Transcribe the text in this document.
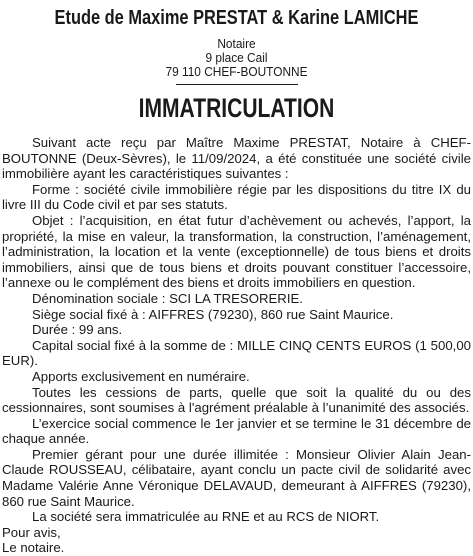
Etude de Maxime PRESTAT & Karine LAMICHE
Notaire
9 place Cail
79 110 CHEF-BOUTONNE
IMMATRICULATION

Suivant acte reçu par Maître Maxime PRESTAT, Notaire à CHEF-BOUTONNE (Deux-Sèvres), le 11/09/2024, a été constituée une société civile immobilière ayant les caractéristiques suivantes :

Forme : société civile immobilière régie par les dispositions du titre IX du livre III du Code civil et par ses statuts.

Objet : l’acquisition, en état futur d’achèvement ou achevés, l’apport, la propriété, la mise en valeur, la transformation, la construction, l’aménagement, l’administration, la location et la vente (exceptionnelle) de tous biens et droits immobiliers, ainsi que de tous biens et droits pouvant constituer l’accessoire, l’annexe ou le complément des biens et droits immobiliers en question.

Dénomination sociale : SCI LA TRESORERIE.

Siège social fixé à : AIFFRES (79230), 860 rue Saint Maurice.

Durée : 99 ans.

Capital social fixé à la somme de : MILLE CINQ CENTS EUROS (1 500,00 EUR).

Apports exclusivement en numéraire.

Toutes les cessions de parts, quelle que soit la qualité du ou des cessionnaires, sont soumises à l'agrément préalable à l’unanimité des associés.

L’exercice social commence le 1er janvier et se termine le 31 décembre de chaque année.

Premier gérant pour une durée illimitée : Monsieur Olivier Alain Jean-Claude ROUSSEAU, célibataire, ayant conclu un pacte civil de solidarité avec Madame Valérie Anne Véronique DELAVAUD, demeurant à AIFFRES (79230), 860 rue Saint Maurice.

La société sera immatriculée au RNE et au RCS de NIORT.

Pour avis,

Le notaire.
